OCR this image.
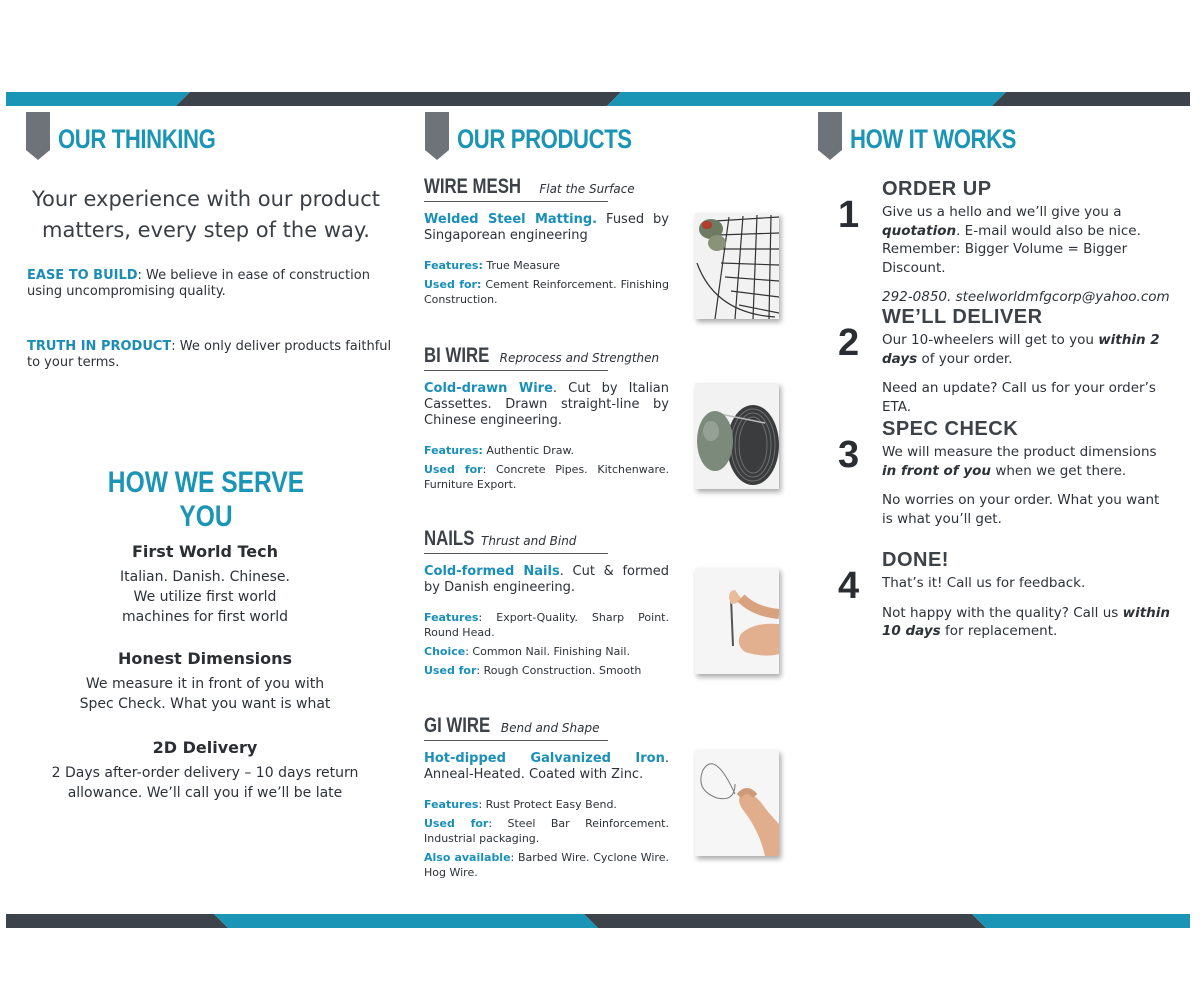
OUR THINKING
Your experience with our product matters, every step of the way.
EASE TO BUILD: We believe in ease of construction using uncompromising quality.
TRUTH IN PRODUCT: We only deliver products faithful to your terms.
HOW WE SERVE YOU
First World Tech

Italian. Danish. Chinese.
We utilize first world
machines for first world

Honest Dimensions

We measure it in front of you with
Spec Check. What you want is what

2D Delivery

2 Days after-order delivery – 10 days return
allowance. We’ll call you if we’ll be late

OUR PRODUCTS
WIRE MESH Flat the Surface
Welded Steel Matting. Fused by Singaporean engineering
Features: True Measure
Used for: Cement Reinforcement. Finishing Construction.
BI WIRE Reprocess and Strengthen
Cold-drawn Wire. Cut by Italian Cassettes. Drawn straight-line by Chinese engineering.
Features: Authentic Draw.
Used for: Concrete Pipes. Kitchenware. Furniture Export.
NAILS Thrust and Bind
Cold-formed Nails. Cut & formed by Danish engineering.
Features: Export-Quality. Sharp Point. Round Head.
Choice: Common Nail. Finishing Nail.
Used for: Rough Construction. Smooth
GI WIRE Bend and Shape
Hot-dipped Galvanized Iron. Anneal-Heated. Coated with Zinc.
Features: Rust Protect Easy Bend.
Used for: Steel Bar Reinforcement. Industrial packaging.
Also available: Barbed Wire. Cyclone Wire. Hog Wire.
HOW IT WORKS
1
ORDER UP

Give us a hello and we’ll give you a quotation. E-mail would also be nice. Remember: Bigger Volume = Bigger Discount.

292-0850. steelworldmfgcorp@yahoo.com

2
WE’LL DELIVER

Our 10-wheelers will get to you within 2 days of your order.

Need an update? Call us for your order’s ETA.

3
SPEC CHECK

We will measure the product dimensions in front of you when we get there.

No worries on your order. What you want is what you’ll get.

4
DONE!

That’s it! Call us for feedback.

Not happy with the quality? Call us within 10 days for replacement.
